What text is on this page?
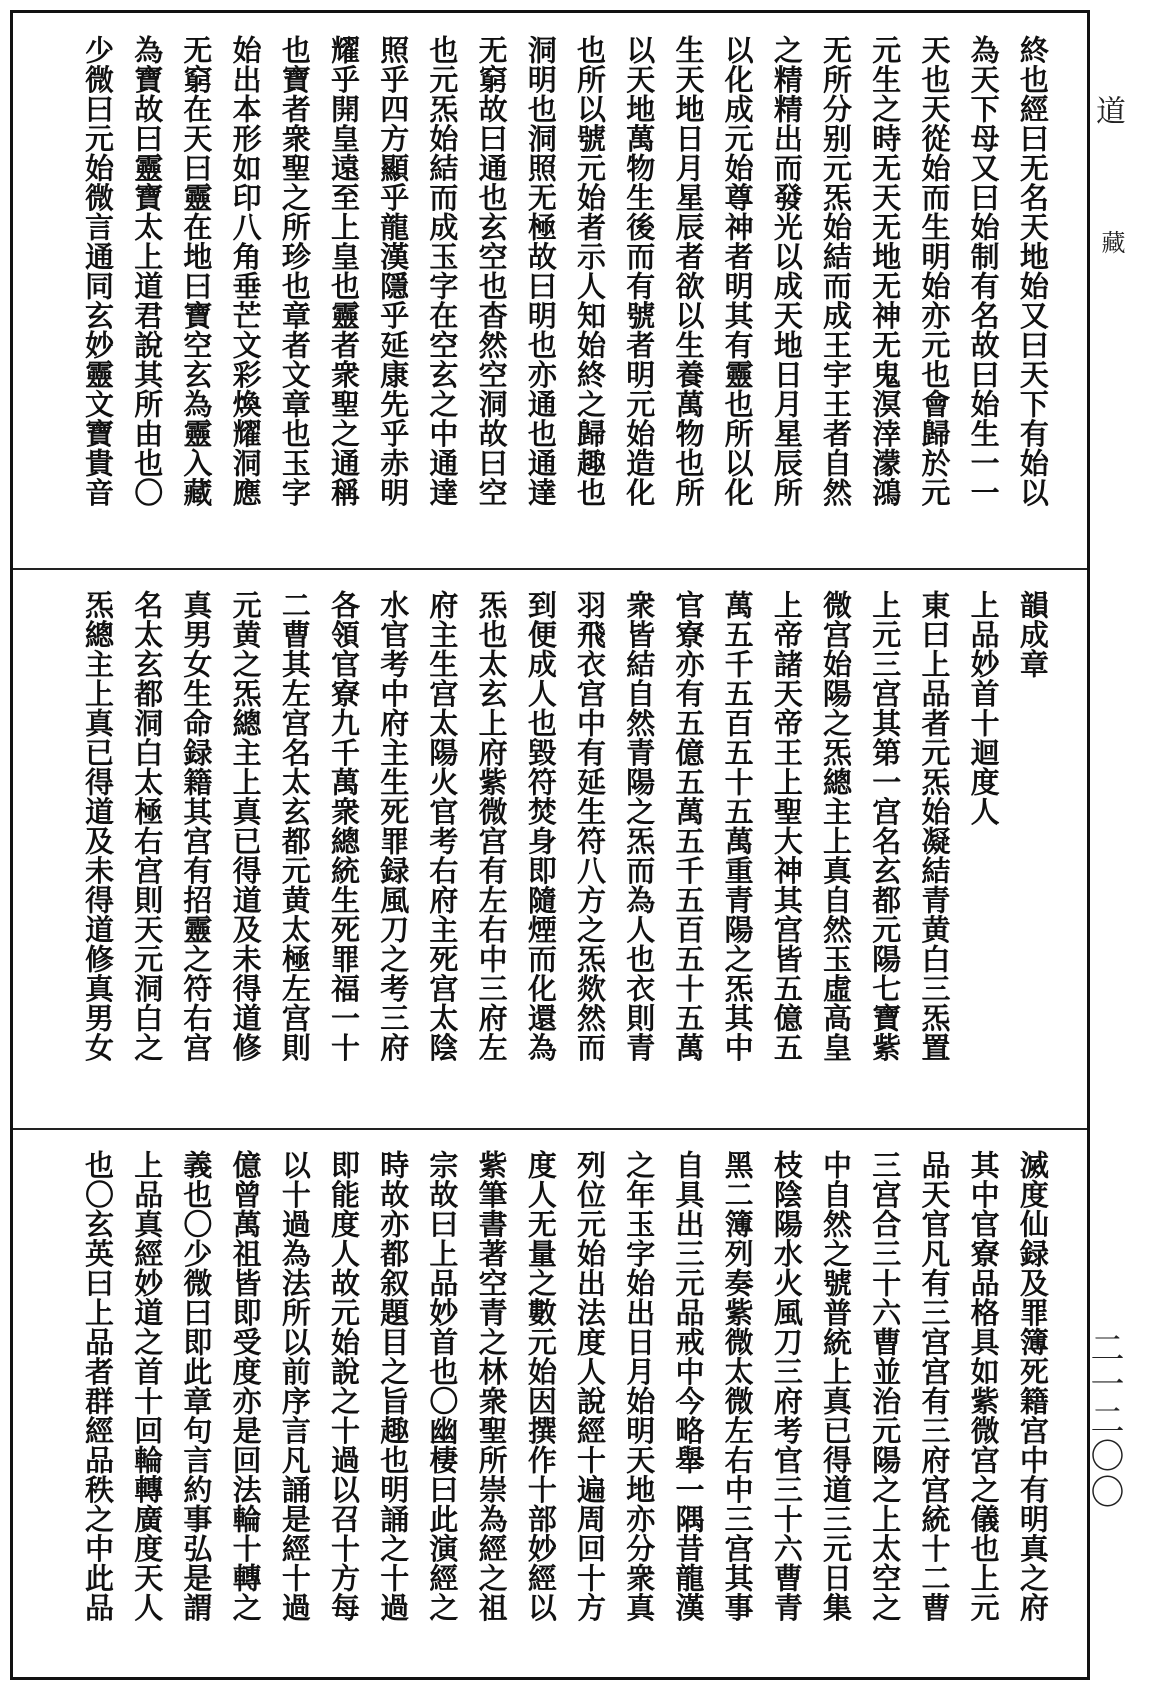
終也經曰无名天地始又曰天下有始以
為天下母又曰始制有名故曰始生一一
天也天從始而生明始亦元也會歸於元
元生之時无天无地无神无鬼溟涬濛鴻
无所分别元炁始結而成王宇王者自然
之精精出而發光以成天地日月星辰所
以化成元始尊神者明其有靈也所以化
生天地日月星辰者欲以生養萬物也所
以天地萬物生後而有號者明元始造化
也所以號元始者示人知始終之歸趣也
洞明也洞照无極故曰明也亦通也通達
无窮故曰通也玄空也杳然空洞故曰空
也元炁始結而成玉字在空玄之中通達
照乎四方顯乎龍漢隱乎延康先乎赤明
耀乎開皇遠至上皇也靈者衆聖之通稱
也寶者衆聖之所珍也章者文章也玉字
始出本形如印八角垂芒文彩煥耀洞應
无窮在天曰靈在地曰寶空玄為靈入藏
為寶故曰靈寶太上道君說其所由也〇
少微曰元始微言通同玄妙靈文寶貴音
韻成章
上品妙首十迴度人
東曰上品者元炁始凝結青黄白三炁置
上元三宫其第一宫名玄都元陽七寶紫
微宫始陽之炁總主上真自然玉虛高皇
上帝諸天帝王上聖大神其宫皆五億五
萬五千五百五十五萬重青陽之炁其中
官寮亦有五億五萬五千五百五十五萬
衆皆結自然青陽之炁而為人也衣則青
羽飛衣宫中有延生符八方之炁欻然而
到便成人也毀符焚身即隨煙而化還為
炁也太玄上府紫微宫有左右中三府左
府主生宫太陽火官考右府主死宫太陰
水官考中府主生死罪録風刀之考三府
各領官寮九千萬衆總統生死罪福一十
二曹其左宫名太玄都元黄太極左宫則
元黄之炁總主上真已得道及未得道修
真男女生命録籍其宫有招靈之符右宫
名太玄都洞白太極右宫則天元洞白之
炁總主上真已得道及未得道修真男女
滅度仙録及罪簿死籍宫中有明真之府
其中官寮品格具如紫微宫之儀也上元
品天官凡有三宫宫有三府宫統十二曹
三宫合三十六曹並治元陽之上太空之
中自然之號普統上真已得道三元日集
枝陰陽水火風刀三府考官三十六曹青
黑二簿列奏紫微太微左右中三宫其事
自具出三元品戒中今略舉一隅昔龍漢
之年玉字始出日月始明天地亦分衆真
列位元始出法度人說經十遍周回十方
度人无量之數元始因撰作十部妙經以
紫筆書著空青之林衆聖所崇為經之祖
宗故曰上品妙首也〇幽棲曰此演經之
時故亦都叙題目之旨趣也明誦之十過
即能度人故元始說之十過以召十方每
以十過為法所以前序言凡誦是經十過
億曾萬祖皆即受度亦是回法輪十轉之
義也〇少微曰即此章句言約事弘是謂
上品真經妙道之首十回輪轉廣度天人
也〇玄英曰上品者群經品秩之中此品
道
藏
二一二〇〇
